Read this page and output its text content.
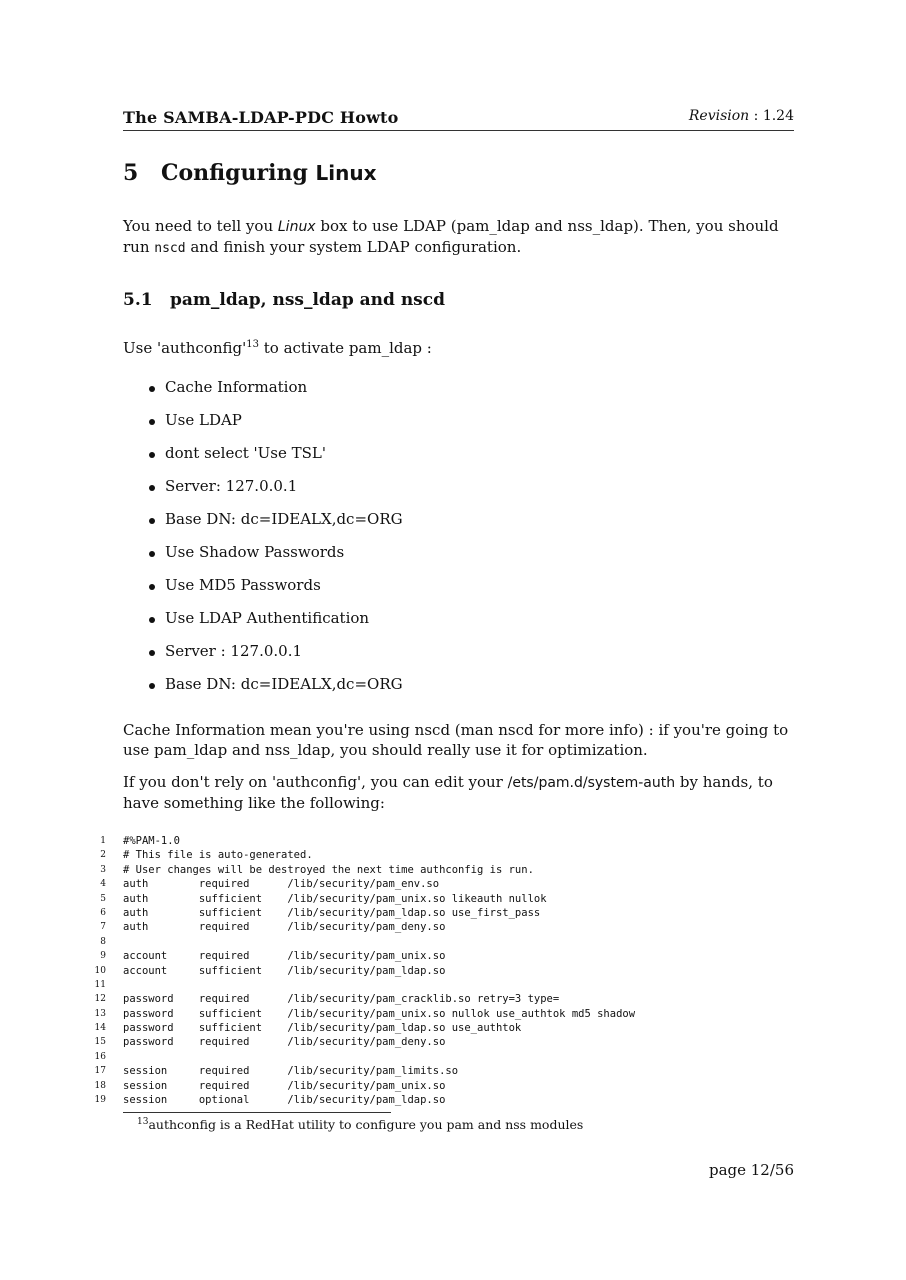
The SAMBA-LDAP-PDC Howto	Revision : 1.24
5 Configuring Linux
You need to tell you Linux box to use LDAP (pam_ldap and nss_ldap). Then, you should run nscd and finish your system LDAP configuration.
5.1 pam_ldap, nss_ldap and nscd
Use '$authconfig'^{13}$ to activate pam_ldap :
Cache Information
Use LDAP
dont select 'Use TSL'
Server: 127.0.0.1
Base DN: dc=IDEALX,dc=ORG
Use Shadow Passwords
Use MD5 Passwords
Use LDAP Authentification
Server : 127.0.0.1
Base DN: dc=IDEALX,dc=ORG
Cache Information mean you're using nscd (man nscd for more info) : if you're going to use pam_ldap and nss_ldap, you should really use it for optimization.
If you don't rely on 'authconfig', you can edit your /ets/pam.d/system-auth by hands, to have something like the following:
1 #%PAM-1.0
2 # This file is auto-generated.
3 # User changes will be destroyed the next time authconfig is run.
4 auth        required      /lib/security/pam_env.so
5 auth        sufficient    /lib/security/pam_unix.so likeauth nullok
6 auth        sufficient    /lib/security/pam_ldap.so use_first_pass
7 auth        required      /lib/security/pam_deny.so
8
9 account     required      /lib/security/pam_unix.so
10 account     sufficient    /lib/security/pam_ldap.so
11
12 password    required      /lib/security/pam_cracklib.so retry=3 type=
13 password    sufficient    /lib/security/pam_unix.so nullok use_authtok md5 shadow
14 password    sufficient    /lib/security/pam_ldap.so use_authtok
15 password    required      /lib/security/pam_deny.so
16
17 session     required      /lib/security/pam_limits.so
18 session     required      /lib/security/pam_unix.so
19 session     optional      /lib/security/pam_ldap.so
$^{13}$authconfig is a RedHat utility to configure you pam and nss modules
page 12/56
